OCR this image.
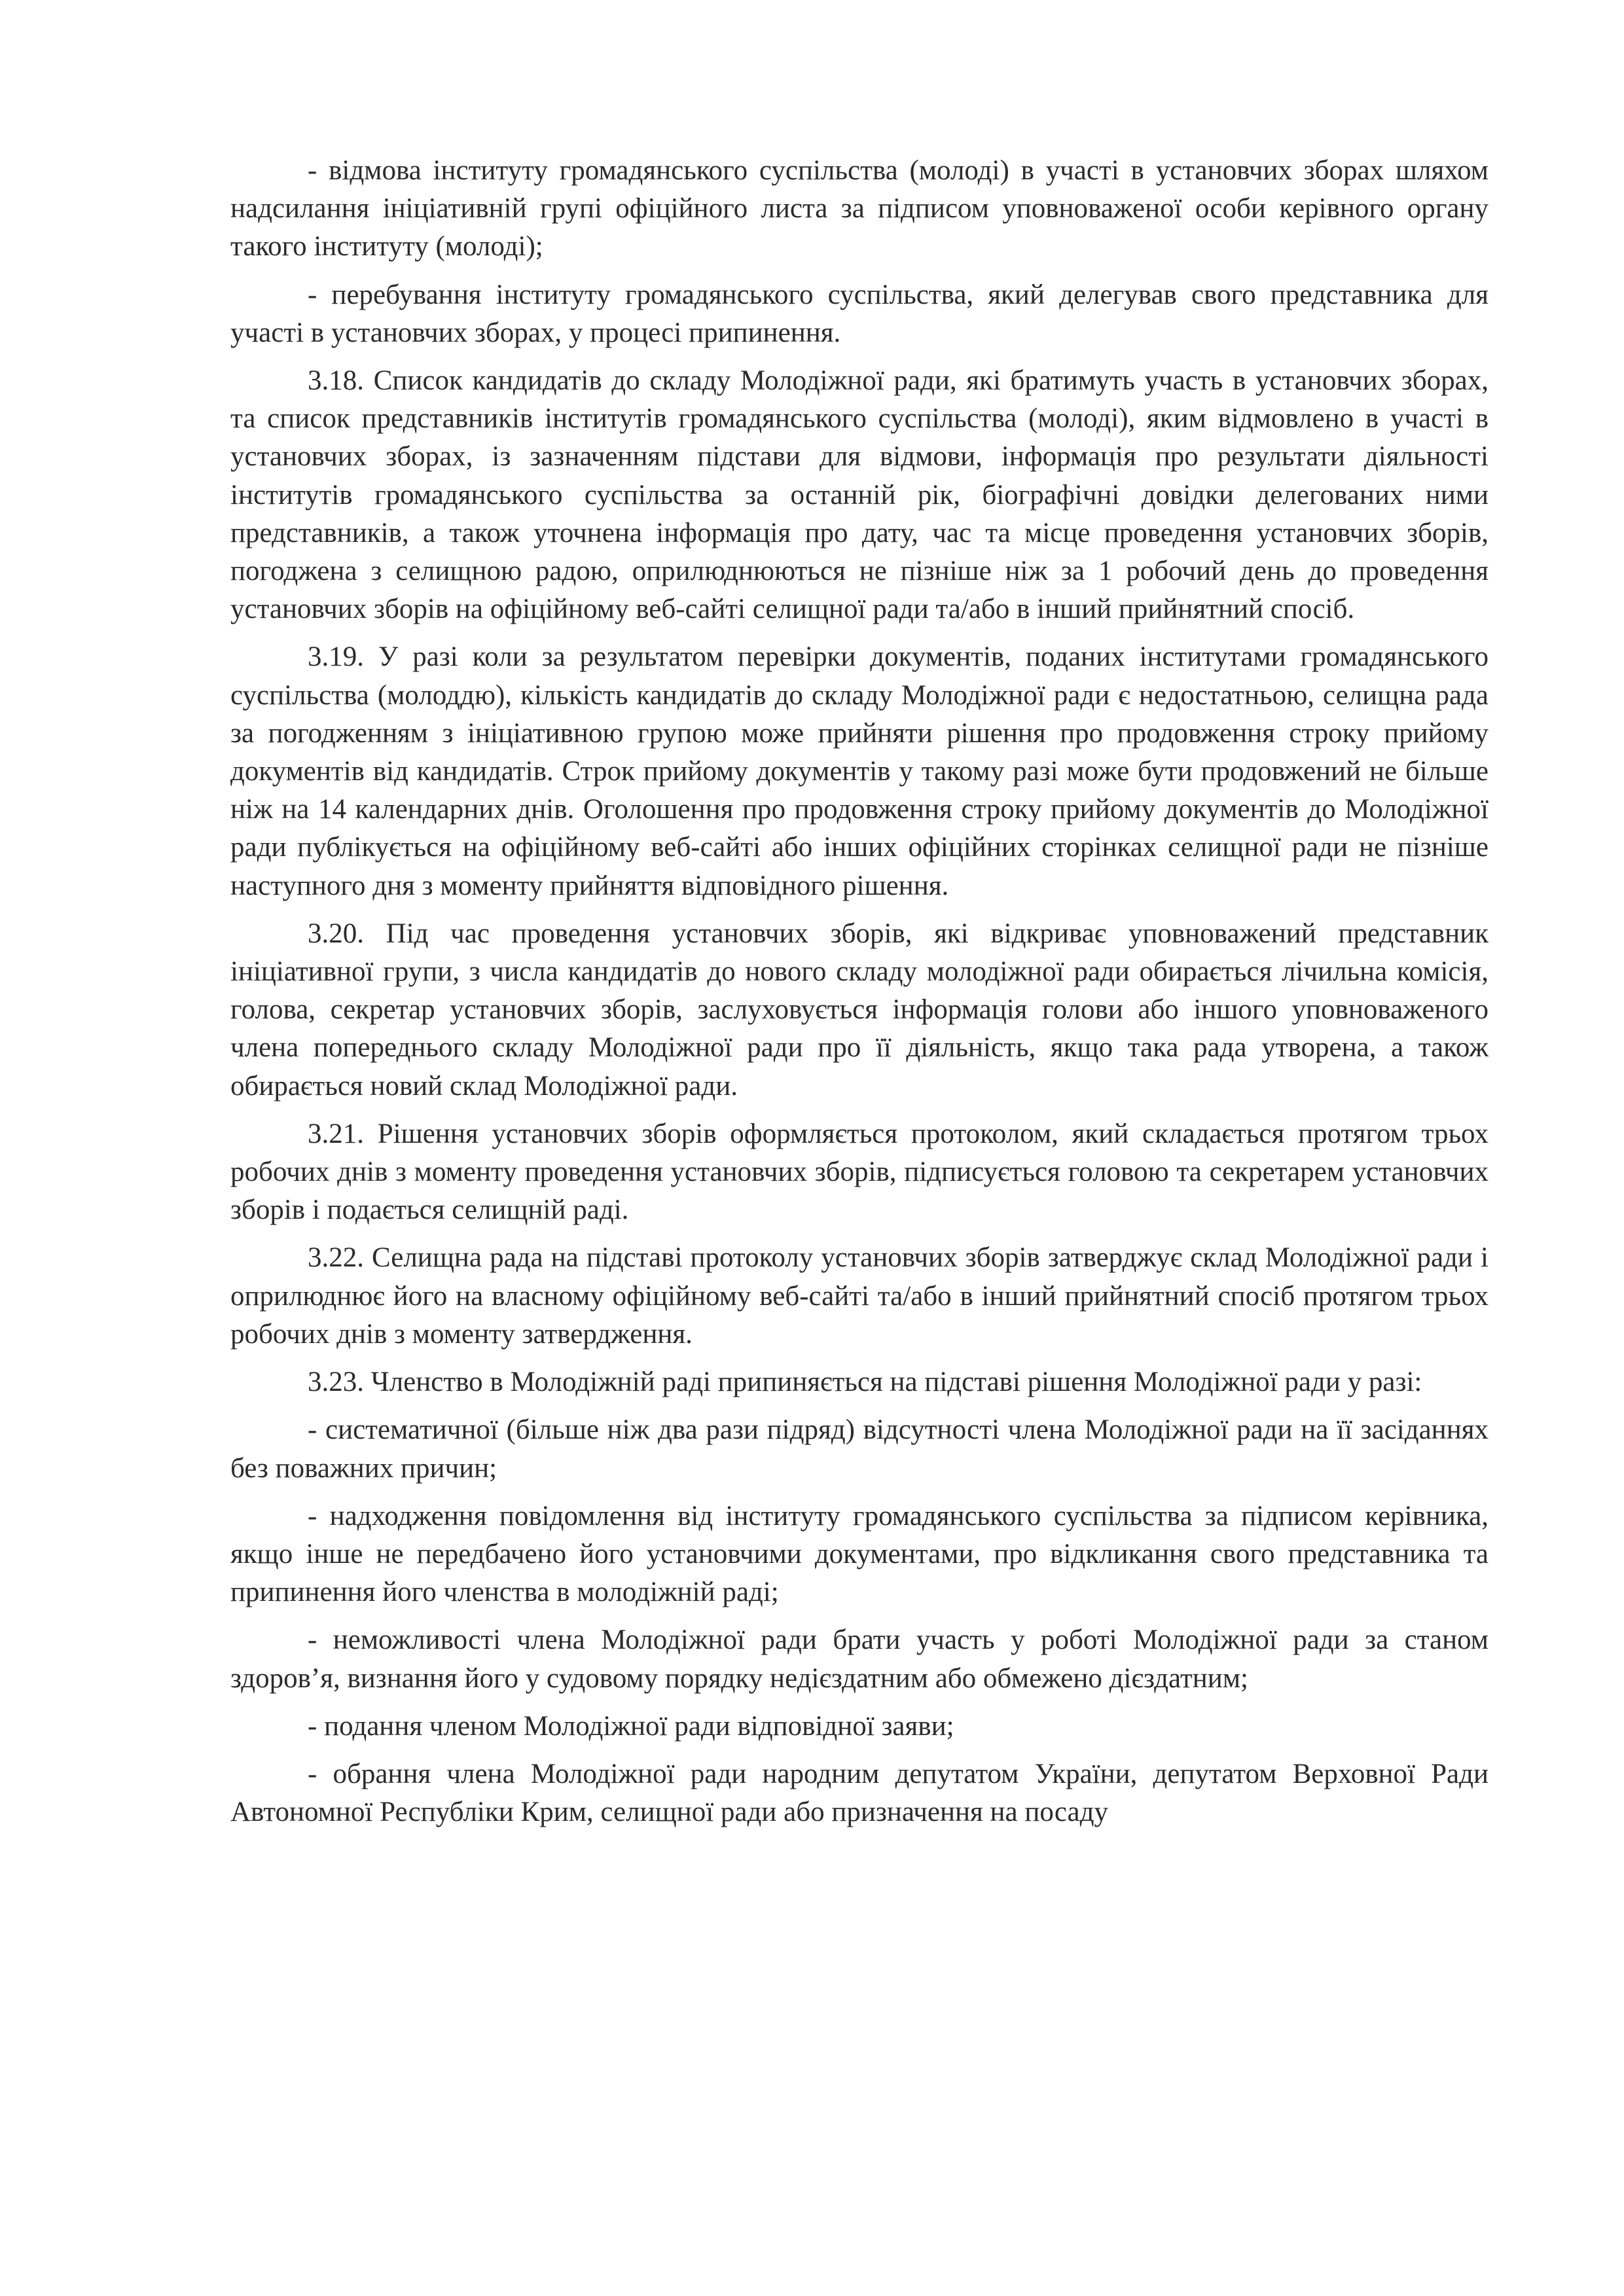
- відмова інституту громадянського суспільства (молоді) в участі в установчих зборах шляхом надсилання ініціативній групі офіційного листа за підписом уповноваженої особи керівного органу такого інституту (молоді);

- перебування інституту громадянського суспільства, який делегував свого представника для участі в установчих зборах, у процесі припинення.

3.18. Список кандидатів до складу Молодіжної ради, які братимуть участь в установчих зборах, та список представників інститутів громадянського суспільства (молоді), яким відмовлено в участі в установчих зборах, із зазначенням підстави для відмови, інформація про результати діяльності інститутів громадянського суспільства за останній рік, біографічні довідки делегованих ними представників, а також уточнена інформація про дату, час та місце проведення установчих зборів, погоджена з селищною радою, оприлюднюються не пізніше ніж за 1 робочий день до проведення установчих зборів на офіційному веб-сайті селищної ради та/або в інший прийнятний спосіб.

3.19. У разі коли за результатом перевірки документів, поданих інститутами громадянського суспільства (молоддю), кількість кандидатів до складу Молодіжної ради є недостатньою, селищна рада за погодженням з ініціативною групою може прийняти рішення про продовження строку прийому документів від кандидатів. Строк прийому документів у такому разі може бути продовжений не більше ніж на 14 календарних днів. Оголошення про продовження строку прийому документів до Молодіжної ради публікується на офіційному веб-сайті або інших офіційних сторінках селищної ради не пізніше наступного дня з моменту прийняття відповідного рішення.

3.20. Під час проведення установчих зборів, які відкриває уповноважений представник ініціативної групи, з числа кандидатів до нового складу молодіжної ради обирається лічильна комісія, голова, секретар установчих зборів, заслуховується інформація голови або іншого уповноваженого члена попереднього складу Молодіжної ради про її діяльність, якщо така рада утворена, а також обирається новий склад Молодіжної ради.

3.21. Рішення установчих зборів оформляється протоколом, який складається протягом трьох робочих днів з моменту проведення установчих зборів, підписується головою та секретарем установчих зборів і подається селищній раді.

3.22. Селищна рада на підставі протоколу установчих зборів затверджує склад Молодіжної ради і оприлюднює його на власному офіційному веб-сайті та/або в інший прийнятний спосіб протягом трьох робочих днів з моменту затвердження.

3.23. Членство в Молодіжній раді припиняється на підставі рішення Молодіжної ради у разі:

- систематичної (більше ніж два рази підряд) відсутності члена Молодіжної ради на її засіданнях без поважних причин;

- надходження повідомлення від інституту громадянського суспільства за підписом керівника, якщо інше не передбачено його установчими документами, про відкликання свого представника та припинення його членства в молодіжній раді;

- неможливості члена Молодіжної ради брати участь у роботі Молодіжної ради за станом здоров’я, визнання його у судовому порядку недієздатним або обмежено дієздатним;

- подання членом Молодіжної ради відповідної заяви;

- обрання члена Молодіжної ради народним депутатом України, депутатом Верховної Ради Автономної Республіки Крим, селищної ради або призначення на посаду
